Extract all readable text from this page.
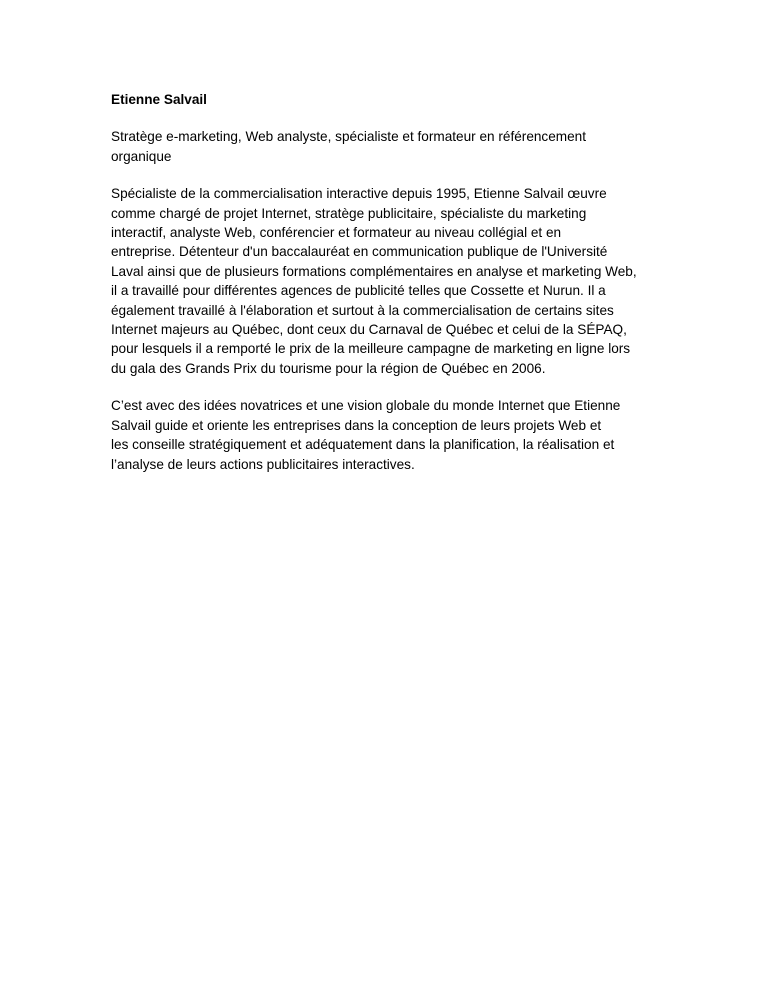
Etienne Salvail

Stratège e-marketing, Web analyste, spécialiste et formateur en référencement
organique

Spécialiste de la commercialisation interactive depuis 1995, Etienne Salvail œuvre
comme chargé de projet Internet, stratège publicitaire, spécialiste du marketing
interactif, analyste Web, conférencier et formateur au niveau collégial et en
entreprise. Détenteur d'un baccalauréat en communication publique de l'Université
Laval ainsi que de plusieurs formations complémentaires en analyse et marketing Web,
il a travaillé pour différentes agences de publicité telles que Cossette et Nurun. Il a
également travaillé à l'élaboration et surtout à la commercialisation de certains sites
Internet majeurs au Québec, dont ceux du Carnaval de Québec et celui de la SÉPAQ,
pour lesquels il a remporté le prix de la meilleure campagne de marketing en ligne lors
du gala des Grands Prix du tourisme pour la région de Québec en 2006.

C’est avec des idées novatrices et une vision globale du monde Internet que Etienne
Salvail guide et oriente les entreprises dans la conception de leurs projets Web et
les conseille stratégiquement et adéquatement dans la planification, la réalisation et
l’analyse de leurs actions publicitaires interactives.
